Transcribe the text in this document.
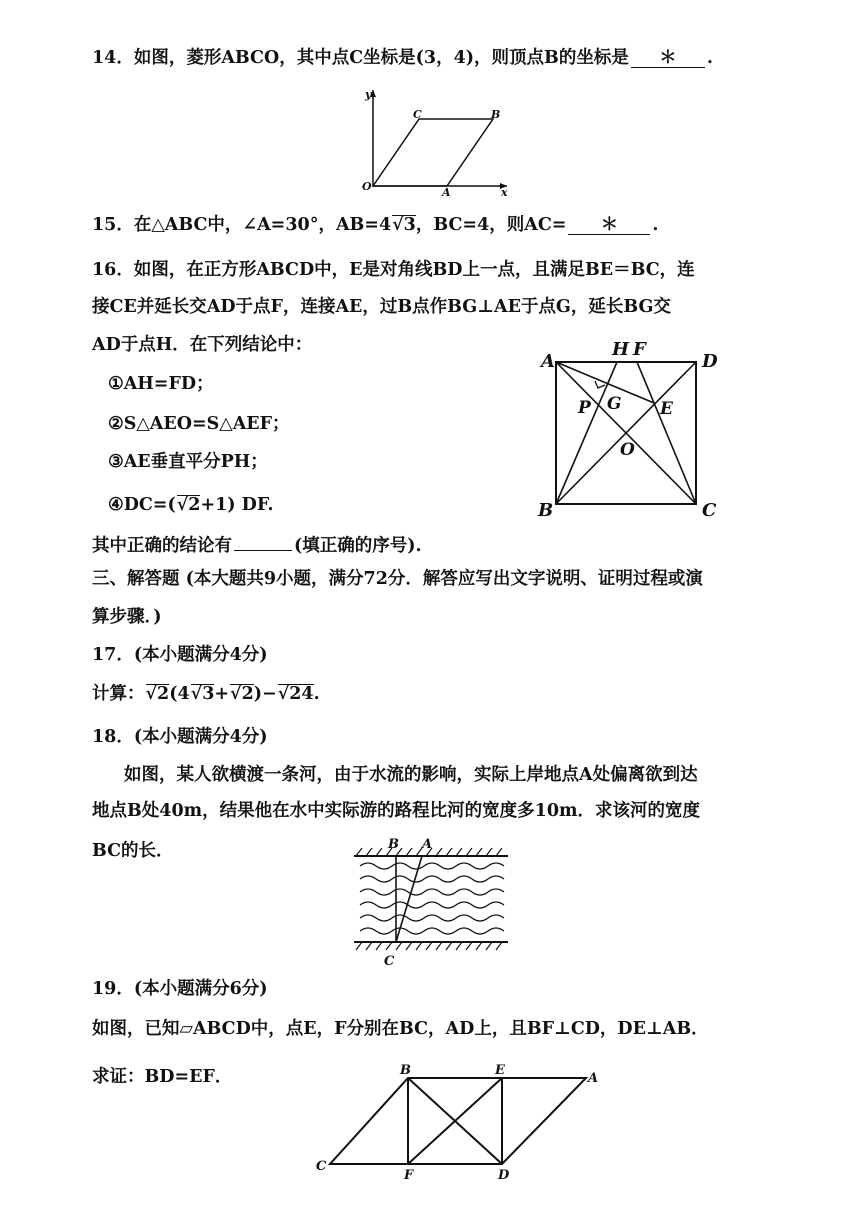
14．如图，菱形ABCO，其中点C坐标是(3，4)，则顶点B的坐标是 ＊ .
y
x
O	A
B
C
15．在△ABC中，∠A=30°，AB=4√3，BC=4，则AC= ＊ .
16．如图，在正方形ABCD中，E是对角线BD上一点，且满足BE＝BC，连
接CE并延长交AD于点F，连接AE，过B点作BG⊥AE于点G，延长BG交
AD于点H．在下列结论中：
①AH=FD；
②S△AEO=S△AEF；
③AE垂直平分PH；
④DC=(√2+1) DF.
其中正确的结论有	(填正确的序号).
A
B	C
D
H F
G E
P
O
三、解答题 (本大题共9小题，满分72分．解答应写出文字说明、证明过程或演
算步骤．)
17．(本小题满分4分)
计算：√2(4√3+√2)−√24.
18．(本小题满分4分)
如图，某人欲横渡一条河，由于水流的影响，实际上岸地点A处偏离欲到达
地点B处40m，结果他在水中实际游的路程比河的宽度多10m．求该河的宽度
BC的长．	B A
C
19．(本小题满分6分)
如图，已知▱ABCD中，点E，F分别在BC，AD上，且BF⊥CD，DE⊥AB．
求证：BD=EF．	B	E
A
C
F	D
